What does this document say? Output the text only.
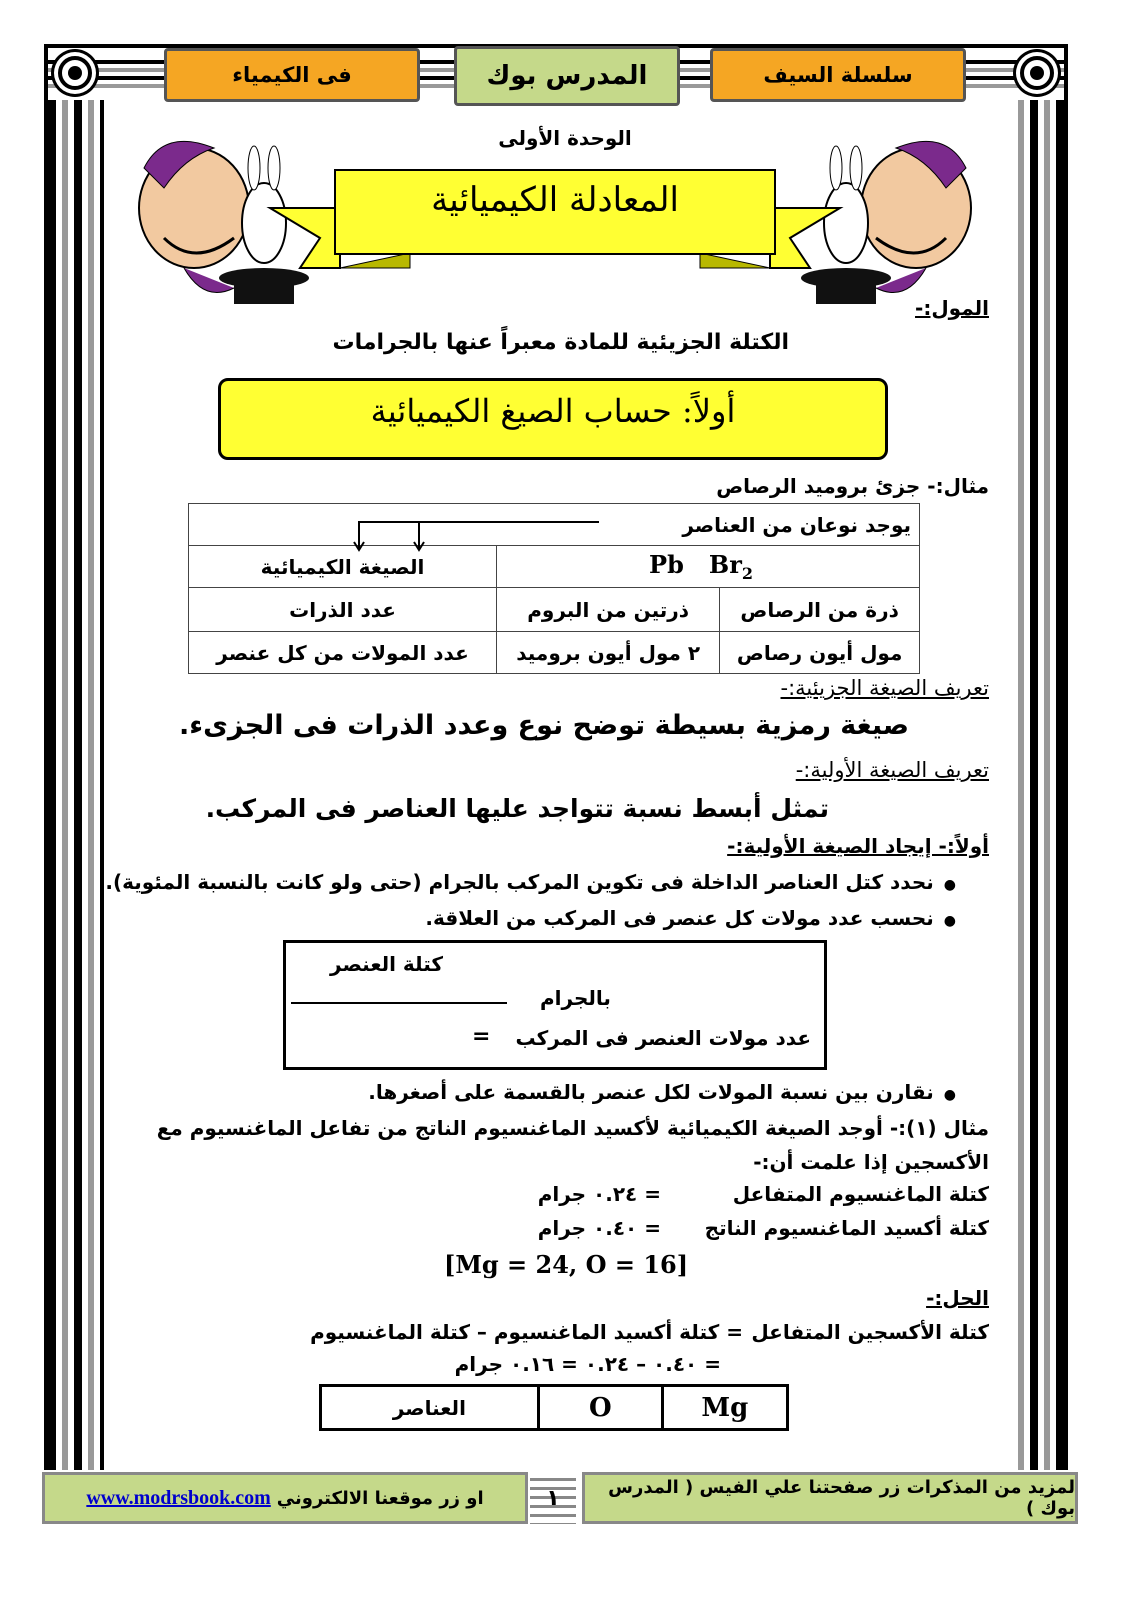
فى الكيمياء	المدرس بوك	سلسلة السيف
الوحدة الأولى
المعادلة الكيميائية
المول:-
الكتلة الجزيئية للمادة معبراً عنها بالجرامات
أولاً: حساب الصيغ الكيميائية
مثال:- جزئ بروميد الرصاص
يوجد نوعان من العناصر		

الصيغة الكيميائية	Pb $Br_2$
عدد الذرات	ذرتين من البروم	ذرة من الرصاص
عدد المولات من كل عنصر	٢ مول أيون بروميد	مول أيون رصاص
تعريف الصيغة الجزيئية:-
صيغة رمزية بسيطة توضح نوع وعدد الذرات فى الجزىء.
تعريف الصيغة الأولية:-
تمثل أبسط نسبة تتواجد عليها العناصر فى المركب.
أولاً:- إيجاد الصيغة الأولية:-
● نحدد كتل العناصر الداخلة فى تكوين المركب بالجرام (حتى ولو كانت بالنسبة المئوية).
● نحسب عدد مولات كل عنصر فى المركب من العلاقة.
كتلة العنصر
بالجرام
عدد مولات العنصر فى المركب
=
● نقارن بين نسبة المولات لكل عنصر بالقسمة على أصغرها.
مثال (١):- أوجد الصيغة الكيميائية لأكسيد الماغنسيوم الناتج من تفاعل الماغنسيوم مع
الأكسجين إذا علمت أن:-
كتلة الماغنسيوم المتفاعل
= ٠.٢٤ جرام
كتلة أكسيد الماغنسيوم الناتج
= ٠.٤٠ جرام
[Mg = 24, O = 16]
الحل:-
كتلة الأكسجين المتفاعل
= كتلة أكسيد الماغنسيوم – كتلة الماغنسيوم
= ٠.٤٠ – ٠.٢٤ = ٠.١٦ جرام
العناصر	O	Mg
او زر موقعنا الالكتروني
www.modrsbook.com	١	لمزيد من المذكرات زر صفحتنا علي الفيس ( المدرس بوك )
